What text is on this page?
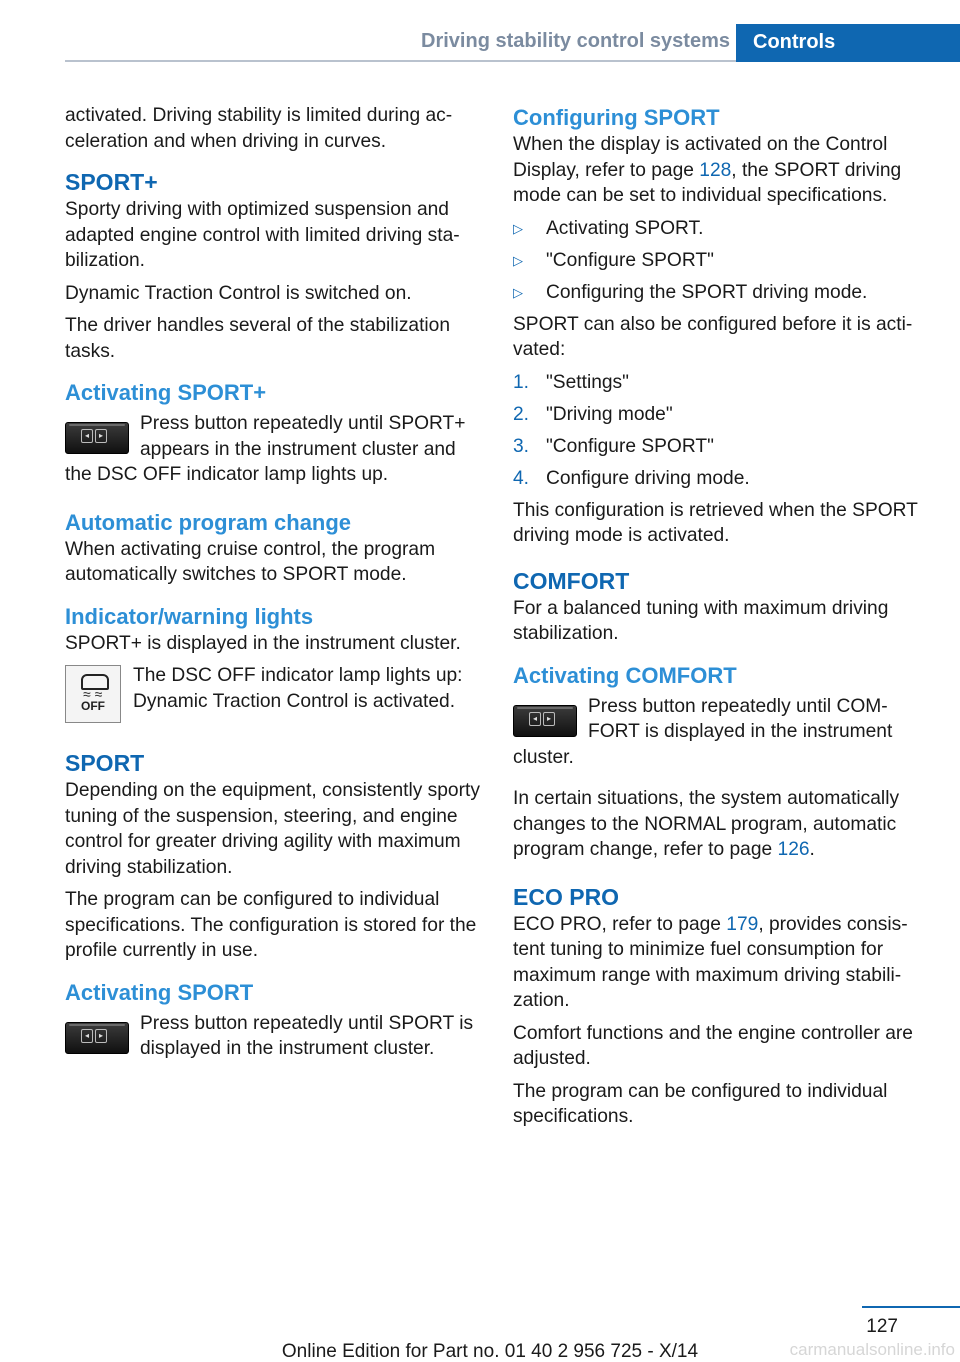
Driving stability control systems Controls

activated. Driving stability is limited during ac‐celeration and when driving in curves.

SPORT+

Sporty driving with optimized suspension and adapted engine control with limited driving sta‐bilization.

Dynamic Traction Control is switched on.

The driver handles several of the stabilization tasks.

Activating SPORT+
◂	▸
Press button repeatedly until SPORT+ appears in the instrument cluster and the DSC OFF indicator lamp lights up.
Automatic program change

When activating cruise control, the program automatically switches to SPORT mode.

Indicator/warning lights

SPORT+ is displayed in the instrument cluster.

≈ ≈
OFF
The DSC OFF indicator lamp lights up: Dynamic Traction Control is activated.
SPORT

Depending on the equipment, consistently sporty tuning of the suspension, steering, and engine control for greater driving agility with maximum driving stabilization.

The program can be configured to individual specifications. The configuration is stored for the profile currently in use.

Activating SPORT
◂	▸
Press button repeatedly until SPORT is displayed in the instrument cluster.
Configuring SPORT

When the display is activated on the Control Display, refer to page 128, the SPORT driving mode can be set to individual specifications.

▷ Activating SPORT.
▷ "Configure SPORT"
▷ Configuring the SPORT driving mode.

SPORT can also be configured before it is acti‐vated:

1. "Settings"
2. "Driving mode"
3. "Configure SPORT"
4. Configure driving mode.

This configuration is retrieved when the SPORT driving mode is activated.

COMFORT

For a balanced tuning with maximum driving stabilization.

Activating COMFORT
◂	▸
Press button repeatedly until COM‐FORT is displayed in the instrument cluster.

In certain situations, the system automatically changes to the NORMAL program, automatic program change, refer to page 126.

ECO PRO

ECO PRO, refer to page 179, provides consis‐tent tuning to minimize fuel consumption for maximum range with maximum driving stabili‐zation.

Comfort functions and the engine controller are adjusted.

The program can be configured to individual specifications.

127
Online Edition for Part no. 01 40 2 956 725 - X/14	carmanualsonline.info
